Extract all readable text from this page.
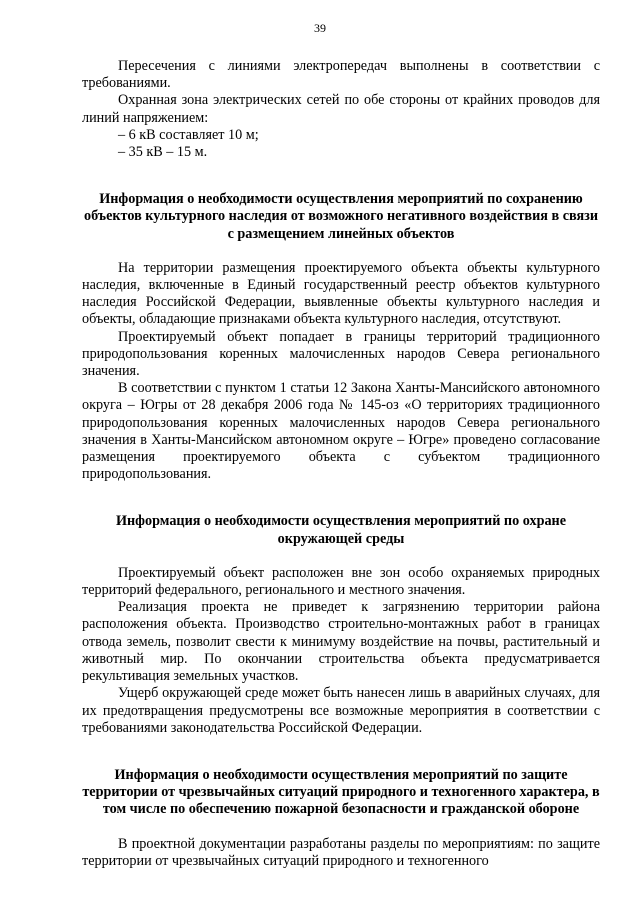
39

Пересечения с линиями электропередач выполнены в соответствии с требованиями.

Охранная зона электрических сетей по обе стороны от крайних проводов для линий напряжением:

– 6 кВ составляет 10 м;

– 35 кВ – 15 м.

Информация о необходимости осуществления мероприятий по сохранению объектов культурного наследия от возможного негативного воздействия в связи с размещением линейных объектов

На территории размещения проектируемого объекта объекты культурного наследия, включенные в Единый государственный реестр объектов культурного наследия Российской Федерации, выявленные объекты культурного наследия и объекты, обладающие признаками объекта культурного наследия, отсутствуют.

Проектируемый объект попадает в границы территорий традиционного природопользования коренных малочисленных народов Севера регионального значения.

В соответствии с пунктом 1 статьи 12 Закона Ханты-Мансийского автономного округа – Югры от 28 декабря 2006 года № 145-оз «О территориях традиционного природопользования коренных малочисленных народов Севера регионального значения в Ханты-Мансийском автономном округе – Югре» проведено согласование размещения проектируемого объекта с субъектом традиционного природопользования.

Информация о необходимости осуществления мероприятий по охране окружающей среды

Проектируемый объект расположен вне зон особо охраняемых природных территорий федерального, регионального и местного значения.

Реализация проекта не приведет к загрязнению территории района расположения объекта. Производство строительно-монтажных работ в границах отвода земель, позволит свести к минимуму воздействие на почвы, растительный и животный мир. По окончании строительства объекта предусматривается рекультивация земельных участков.

Ущерб окружающей среде может быть нанесен лишь в аварийных случаях, для их предотвращения предусмотрены все возможные мероприятия в соответствии с требованиями законодательства Российской Федерации.

Информация о необходимости осуществления мероприятий по защите территории от чрезвычайных ситуаций природного и техногенного характера, в том числе по обеспечению пожарной безопасности и гражданской обороне

В проектной документации разработаны разделы по мероприятиям: по защите территории от чрезвычайных ситуаций природного и техногенного
